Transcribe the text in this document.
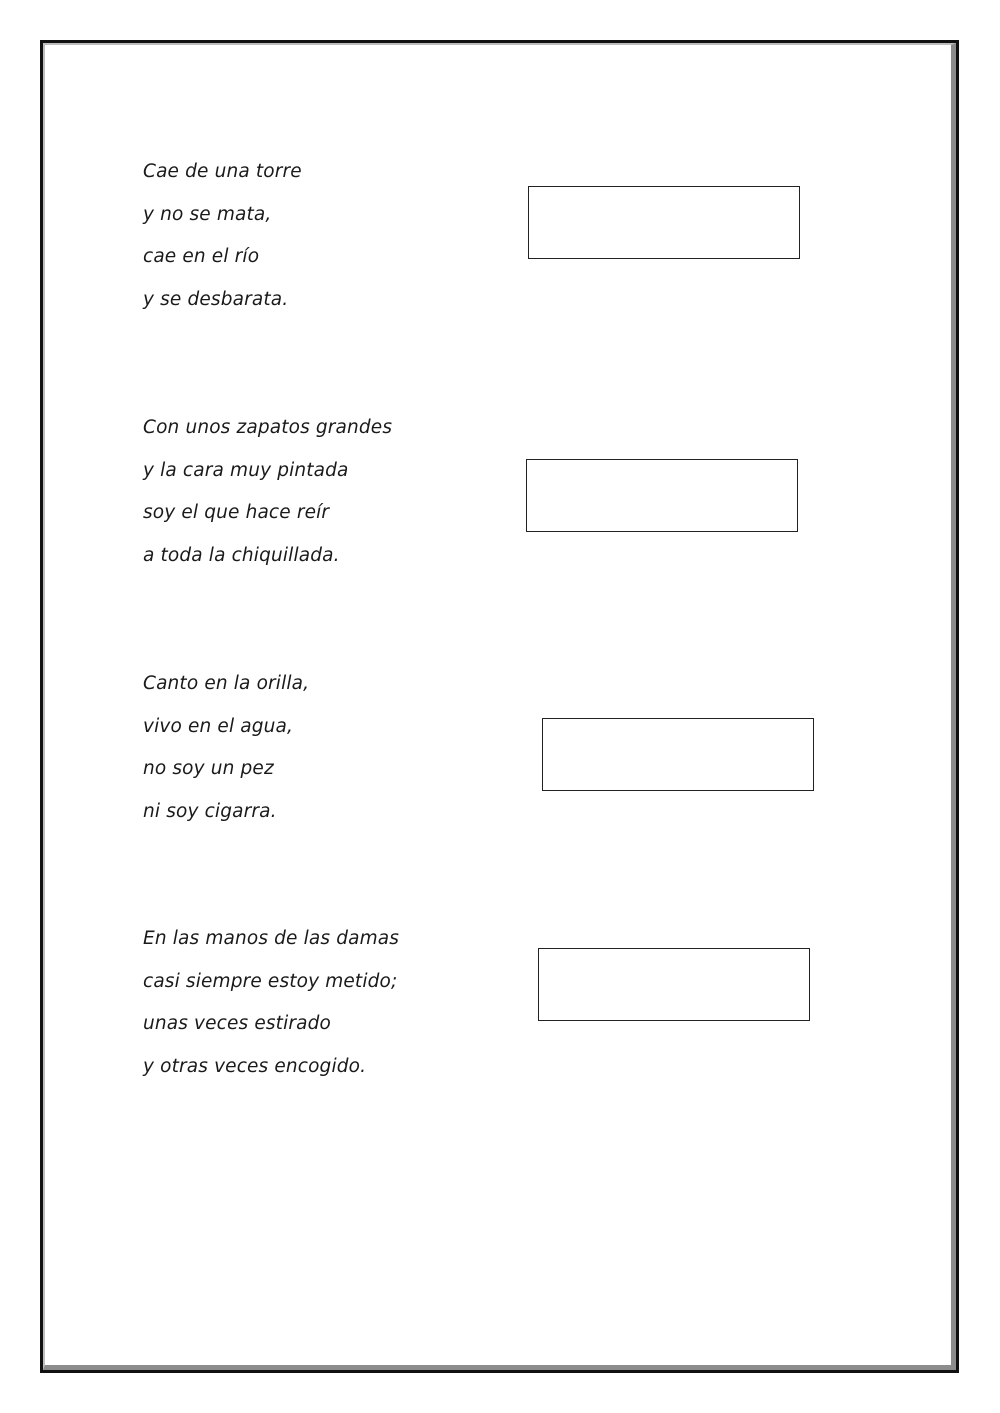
Cae de una torre
y no se mata,
cae en el río
y se desbarata.
Con unos zapatos grandes
y la cara muy pintada
soy el que hace reír
a toda la chiquillada.
Canto en la orilla,
vivo en el agua,
no soy un pez
ni soy cigarra.
En las manos de las damas
casi siempre estoy metido;
unas veces estirado
y otras veces encogido.
